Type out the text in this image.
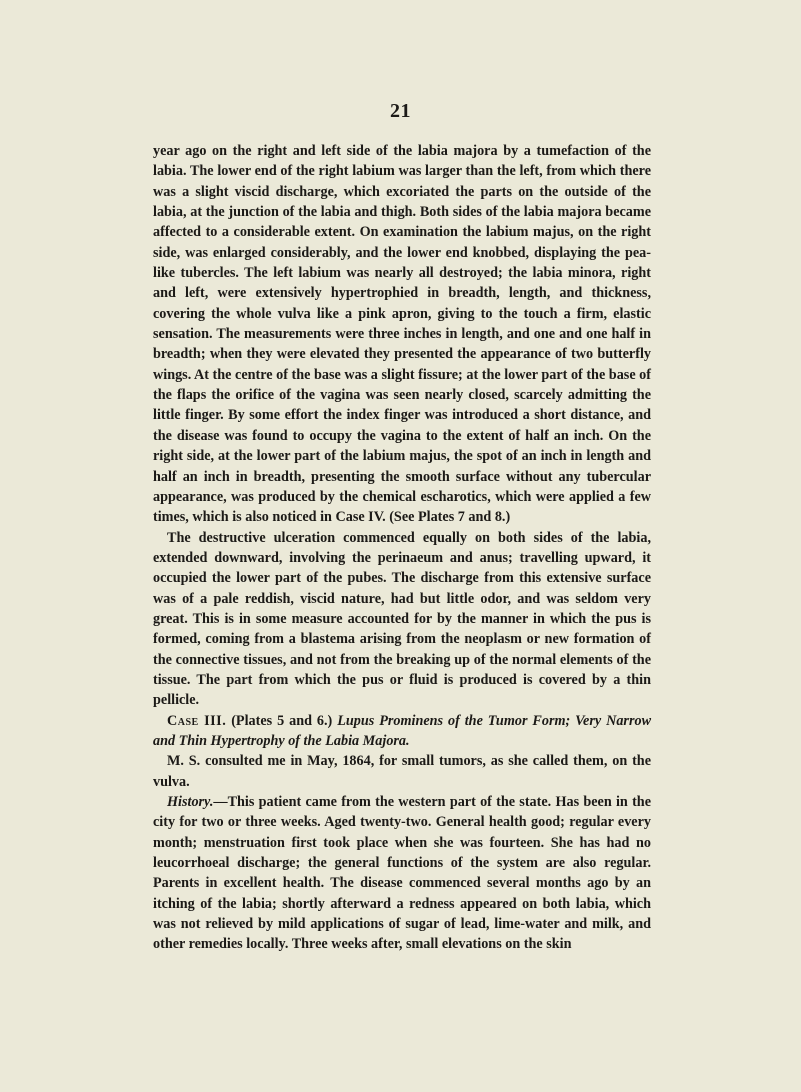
21

year ago on the right and left side of the labia majora by a tumefaction of the labia. The lower end of the right labium was larger than the left, from which there was a slight viscid discharge, which excoriated the parts on the outside of the labia, at the junction of the labia and thigh. Both sides of the labia majora became affected to a considerable extent. On examination the labium majus, on the right side, was enlarged considerably, and the lower end knobbed, displaying the pea-like tubercles. The left labium was nearly all destroyed; the labia minora, right and left, were extensively hypertrophied in breadth, length, and thickness, covering the whole vulva like a pink apron, giving to the touch a firm, elastic sensation. The measurements were three inches in length, and one and one half in breadth; when they were elevated they presented the appearance of two butterfly wings. At the centre of the base was a slight fissure; at the lower part of the base of the flaps the orifice of the vagina was seen nearly closed, scarcely admitting the little finger. By some effort the index finger was introduced a short distance, and the disease was found to occupy the vagina to the extent of half an inch. On the right side, at the lower part of the labium majus, the spot of an inch in length and half an inch in breadth, presenting the smooth surface without any tubercular appearance, was produced by the chemical escharotics, which were applied a few times, which is also noticed in Case IV. (See Plates 7 and 8.)

The destructive ulceration commenced equally on both sides of the labia, extended downward, involving the perinaeum and anus; travelling upward, it occupied the lower part of the pubes. The discharge from this extensive surface was of a pale reddish, viscid nature, had but little odor, and was seldom very great. This is in some measure accounted for by the manner in which the pus is formed, coming from a blastema arising from the neoplasm or new formation of the connective tissues, and not from the breaking up of the normal elements of the tissue. The part from which the pus or fluid is produced is covered by a thin pellicle.

Case III. (Plates 5 and 6.) Lupus Prominens of the Tumor Form; Very Narrow and Thin Hypertrophy of the Labia Majora.

M. S. consulted me in May, 1864, for small tumors, as she called them, on the vulva.

History.—This patient came from the western part of the state. Has been in the city for two or three weeks. Aged twenty-two. General health good; regular every month; menstruation first took place when she was fourteen. She has had no leucorrhoeal discharge; the general functions of the system are also regular. Parents in excellent health. The disease commenced several months ago by an itching of the labia; shortly afterward a redness appeared on both labia, which was not relieved by mild applications of sugar of lead, lime-water and milk, and other remedies locally. Three weeks after, small elevations on the skin
